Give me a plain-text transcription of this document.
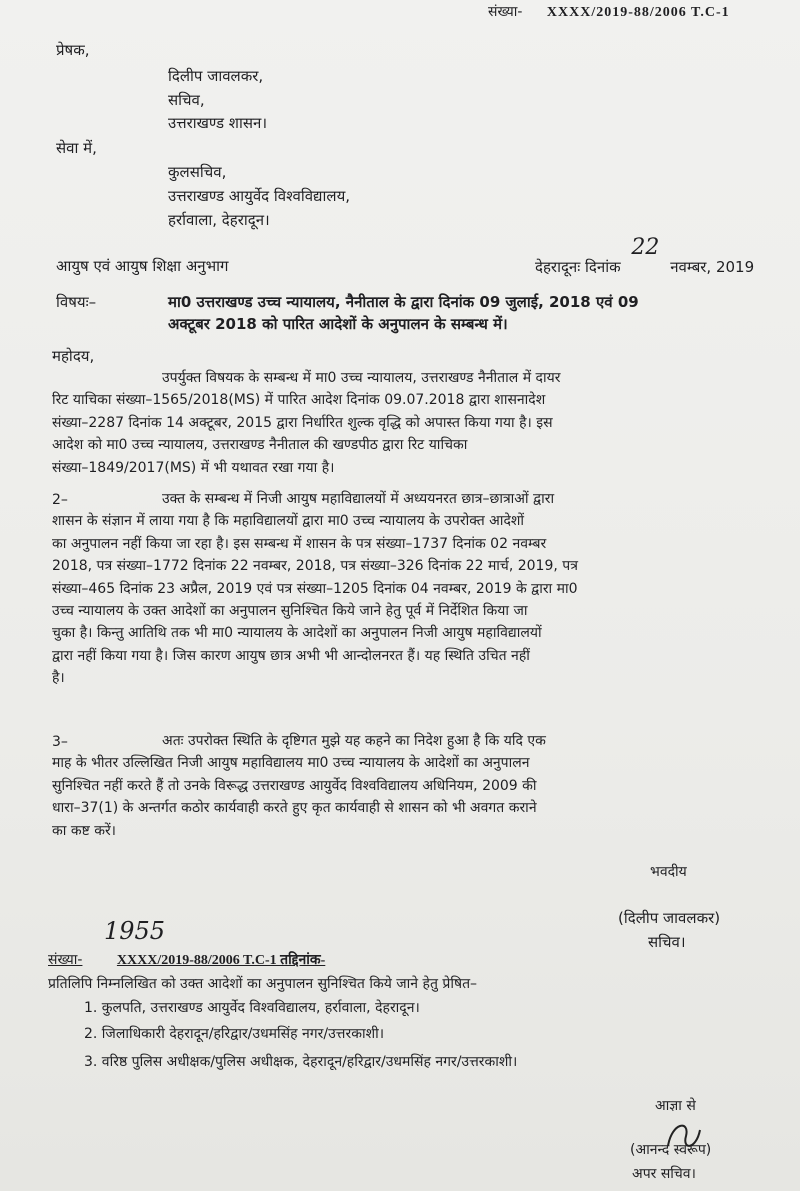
संख्या- XXXX/2019-88/2006 T.C-1
प्रेषक,
दिलीप जावलकर,
सचिव,
उत्तराखण्ड शासन।
सेवा में,
कुलसचिव,
उत्तराखण्ड आयुर्वेद विश्वविद्यालय,
हर्रावाला, देहरादून।
आयुष एवं आयुष शिक्षा अनुभाग	देहरादूनः दिनांक 22 नवम्बर, 2019
विषयः–	मा0 उत्तराखण्ड उच्च न्यायालय, नैनीताल के द्वारा दिनांक 09 जुलाई, 2018 एवं 09
अक्टूबर 2018 को पारित आदेशों के अनुपालन के सम्बन्ध में।
महोदय,
उपर्युक्त विषयक के सम्बन्ध में मा0 उच्च न्यायालय, उत्तराखण्ड नैनीताल में दायर
रिट याचिका संख्या–1565/2018(MS) में पारित आदेश दिनांक 09.07.2018 द्वारा शासनादेश
संख्या–2287 दिनांक 14 अक्टूबर, 2015 द्वारा निर्धारित शुल्क वृद्धि को अपास्त किया गया है। इस
आदेश को मा0 उच्च न्यायालय, उत्तराखण्ड नैनीताल की खण्डपीठ द्वारा रिट याचिका
संख्या–1849/2017(MS) में भी यथावत रखा गया है।
2–	उक्त के सम्बन्ध में निजी आयुष महाविद्यालयों में अध्ययनरत छात्र–छात्राओं द्वारा
शासन के संज्ञान में लाया गया है कि महाविद्यालयों द्वारा मा0 उच्च न्यायालय के उपरोक्त आदेशों
का अनुपालन नहीं किया जा रहा है। इस सम्बन्ध में शासन के पत्र संख्या–1737 दिनांक 02 नवम्बर
2018, पत्र संख्या–1772 दिनांक 22 नवम्बर, 2018, पत्र संख्या–326 दिनांक 22 मार्च, 2019, पत्र
संख्या–465 दिनांक 23 अप्रैल, 2019 एवं पत्र संख्या–1205 दिनांक 04 नवम्बर, 2019 के द्वारा मा0
उच्च न्यायालय के उक्त आदेशों का अनुपालन सुनिश्चित किये जाने हेतु पूर्व में निर्देशित किया जा
चुका है। किन्तु आतिथि तक भी मा0 न्यायालय के आदेशों का अनुपालन निजी आयुष महाविद्यालयों
द्वारा नहीं किया गया है। जिस कारण आयुष छात्र अभी भी आन्दोलनरत हैं। यह स्थिति उचित नहीं
है।
3–	अतः उपरोक्त स्थिति के दृष्टिगत मुझे यह कहने का निदेश हुआ है कि यदि एक
माह के भीतर उल्लिखित निजी आयुष महाविद्यालय मा0 उच्च न्यायालय के आदेशों का अनुपालन
सुनिश्चित नहीं करते हैं तो उनके विरूद्ध उत्तराखण्ड आयुर्वेद विश्वविद्यालय अधिनियम, 2009 की
धारा–37(1) के अन्तर्गत कठोर कार्यवाही करते हुए कृत कार्यवाही से शासन को भी अवगत कराने
का कष्ट करें।
भवदीय
(दिलीप जावलकर)
सचिव।
1955
संख्या- XXXX/2019-88/2006 T.C-1 तद्दिनांक-
प्रतिलिपि निम्नलिखित को उक्त आदेशों का अनुपालन सुनिश्चित किये जाने हेतु प्रेषित–
1. कुलपति, उत्तराखण्ड आयुर्वेद विश्वविद्यालय, हर्रावाला, देहरादून।
2. जिलाधिकारी देहरादून/हरिद्वार/उधमसिंह नगर/उत्तरकाशी।
3. वरिष्ठ पुलिस अधीक्षक/पुलिस अधीक्षक, देहरादून/हरिद्वार/उधमसिंह नगर/उत्तरकाशी।
आज्ञा से
(आनन्द स्वरूप)
अपर सचिव।
